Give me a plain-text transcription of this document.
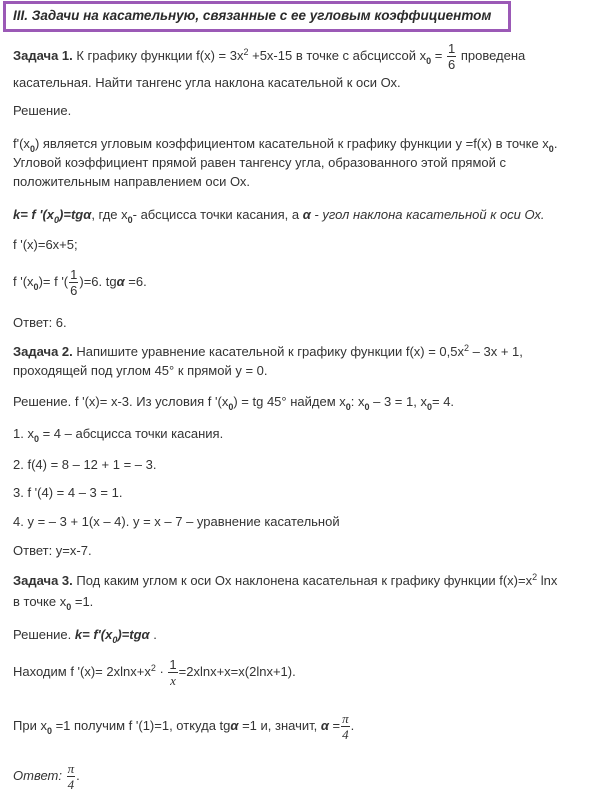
III. Задачи на касательную, связанные с ее угловым коэффициентом
Задача 1. К графику функции $f(x) = 3x^2 +5x-15$ в точке с абсциссой $x_0 = \frac{1}{6}$ проведена
касательная. Найти тангенс угла наклона касательной к оси Ох.
Решение.
$f'(x_0)$ является угловым коэффициентом касательной к графику функции y =f(x) в точке $x_0$.
Угловой коэффициент прямой равен тангенсу угла, образованного этой прямой с
положительным направлением оси Ох.
k= f '$(x_0)=tg\alpha$, где $x_0-$ абсцисса точки касания, а α - угол наклона касательной к оси Ох.
f '(x)=6x+5;
f '$(x_0)= f$ '( $\frac{1}{6} )=6$. tgα =6.
Ответ: 6.
Задача 2. Напишите уравнение касательной к графику функции $f(x) = 0,5x^2 - 3x + 1$,
проходящей под углом 45° к прямой y = 0.
Решение. f '(x)= x-3. Из условия f '$(x_0)$ = tg 45° найдем $x_0$: $x_0 - 3 = 1$, $x_0= 4$.
1. $x_0 = 4$ – абсцисса точки касания.
2. f(4) = 8 – 12 + 1 = – 3.
3. f '(4) = 4 – 3 = 1.
4. y = – 3 + 1(x – 4). y = x – 7 – уравнение касательной
Ответ: y=x-7.
Задача 3. Под каким углом к оси Ох наклонена касательная к графику функции $f(x)=x^2$ lnx
в точке $x_0 =1$.
Решение. $k= f'(x_0)=tg\alpha$ .
Находим f '$(x)= 2xlnx+x^2 \cdot \frac{1}{x} =2xlnx+x=x(2\ln x+1)$.
При $x_0 =1$ получим f '(1)=1, откуда tgα =1 и, значит, $\alpha = \frac{\pi}{4}$ .
Ответ: $\frac{\pi}{4}$ .
